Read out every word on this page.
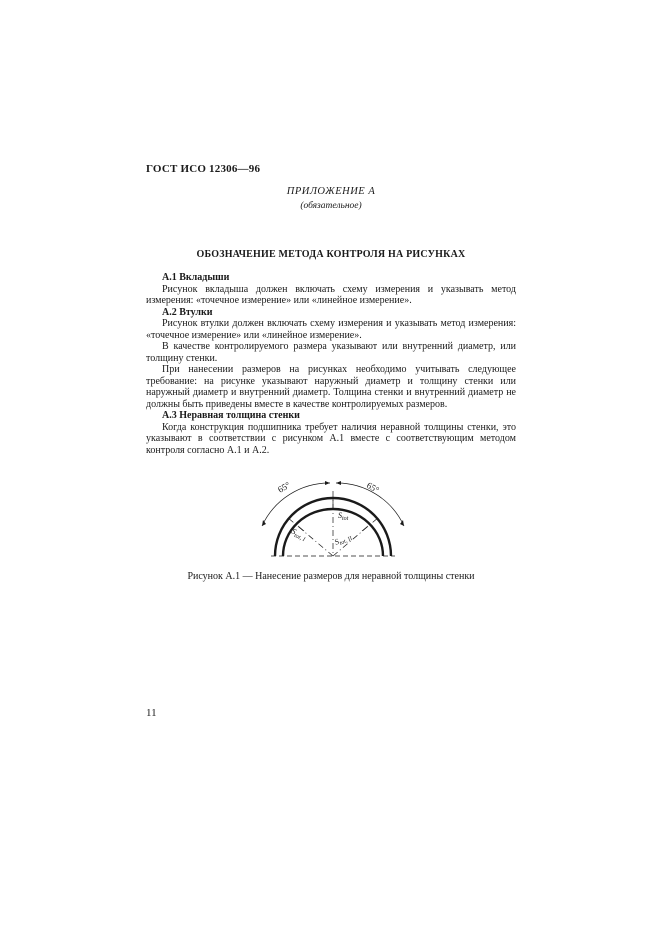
ГОСТ ИСО 12306—96
ПРИЛОЖЕНИЕ А
(обязательное)
ОБОЗНАЧЕНИЕ МЕТОДА КОНТРОЛЯ НА РИСУНКАХ
А.1 Вкладыши

Рисунок вкладыша должен включать схему измерения и указывать метод измерения: «точечное измерение» или «линейное измерение».

А.2 Втулки

Рисунок втулки должен включать схему измерения и указывать метод измерения: «точечное измерение» или «линейное измерение».

В качестве контролируемого размера указывают или внутренний диаметр, или толщину стенки.

При нанесении размеров на рисунках необходимо учитывать следующее требование: на рисунке указывают наружный диаметр и толщину стенки или наружный диаметр и внутренний диаметр. Толщина стенки и внутренний диаметр не должны быть приведены вместе в качестве контролируемых размеров.

А.3 Неравная толщина стенки

Когда конструкция подшипника требует наличия неравной толщины стенки, это указывают в соответствии с рисунком А.1 вместе с соответствующим методом контроля согласно А.1 и А.2.

65°	65°
$S_{tot}$
$S_{tot, I}$	$S_{tot, II}$
Рисунок А.1 — Нанесение размеров для неравной толщины стенки
11
